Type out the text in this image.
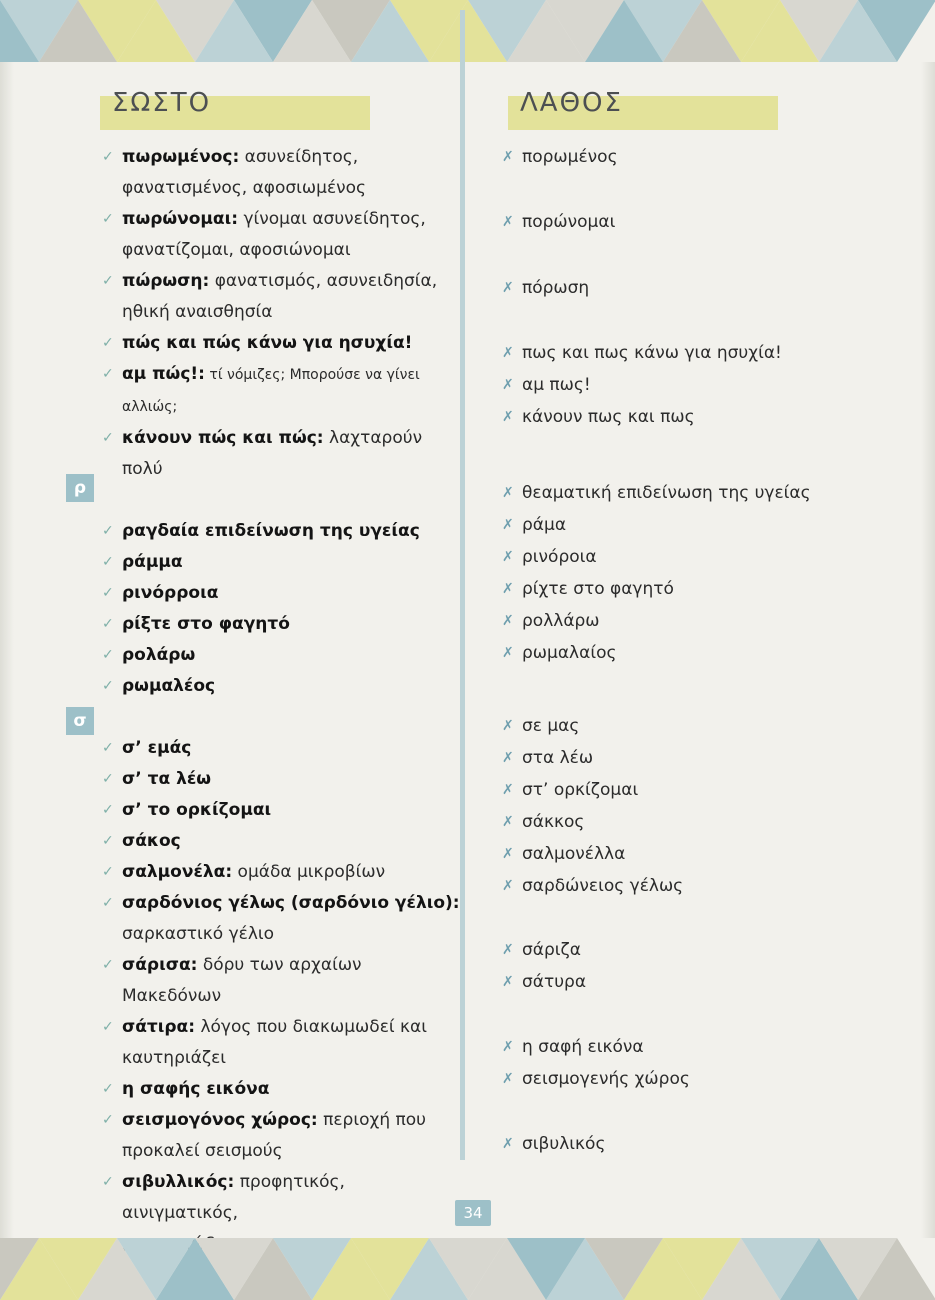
ΣΩΣΤΟ	ΛΑΘΟΣ
ρ
σ
✓ πωρωμένος: ασυνείδητος,
φανατισμένος, αφοσιωμένος
✓ πωρώνομαι: γίνομαι ασυνείδητος,
φανατίζομαι, αφοσιώνομαι
✓ πώρωση: φανατισμός, ασυνειδησία,
ηθική αναισθησία
✓ πώς και πώς κάνω για ησυχία!
✓ αμ πώς!: τί νόμιζες; Μπορούσε να γίνει αλλιώς;
✓ κάνουν πώς και πώς: λαχταρούν πολύ
✓ ραγδαία επιδείνωση της υγείας
✓ ράμμα
✓ ρινόρροια
✓ ρίξτε στο φαγητό
✓ ρολάρω
✓ ρωμαλέος
✓ σ’ εμάς
✓ σ’ τα λέω
✓ σ’ το ορκίζομαι
✓ σάκος
✓ σαλμονέλα: ομάδα μικροβίων
✓ σαρδόνιος γέλως (σαρδόνιο γέλιο):
σαρκαστικό γέλιο
✓ σάρισα: δόρυ των αρχαίων Μακεδόνων
✓ σάτιρα: λόγος που διακωμωδεί και
καυτηριάζει
✓ η σαφής εικόνα
✓ σεισμογόνος χώρος: περιοχή που
προκαλεί σεισμούς
✓ σιβυλλικός: προφητικός, αινιγματικός,
μυστηριώδης
✗ πορωμένος
✗ πορώνομαι
✗ πόρωση
✗ πως και πως κάνω για ησυχία!
✗ αμ πως!
✗ κάνουν πως και πως
✗ θεαματική επιδείνωση της υγείας
✗ ράμα
✗ ρινόροια
✗ ρίχτε στο φαγητό
✗ ρολλάρω
✗ ρωμαλαίος
✗ σε μας
✗ στα λέω
✗ στ’ ορκίζομαι
✗ σάκκος
✗ σαλμονέλλα
✗ σαρδώνειος γέλως
✗ σάριζα
✗ σάτυρα
✗ η σαφή εικόνα
✗ σεισμογενής χώρος
✗ σιβυλικός
34
